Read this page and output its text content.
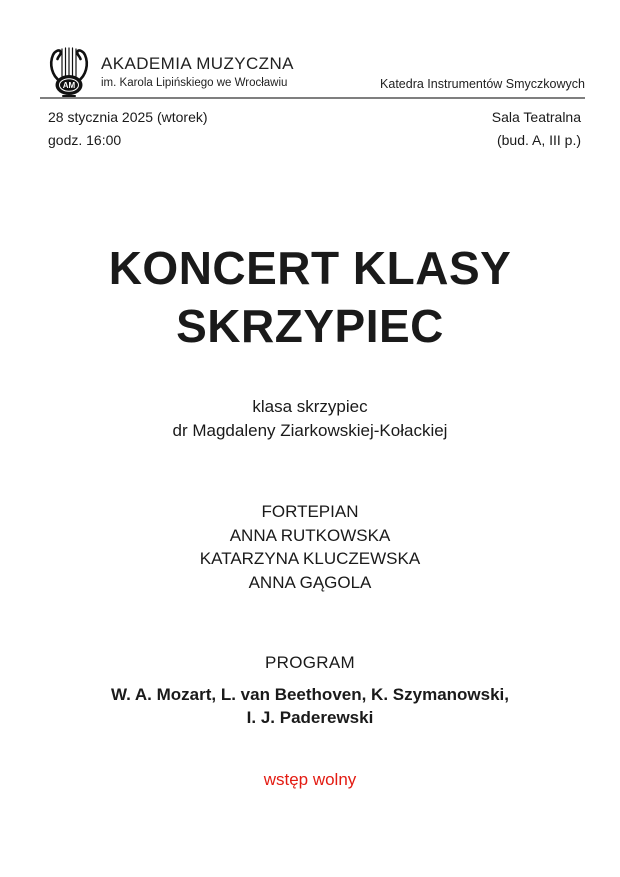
AM
AKADEMIA MUZYCZNA
im. Karola Lipińskiego we Wrocławiu	Katedra Instrumentów Smyczkowych
28 stycznia 2025 (wtorek)
godz. 16:00
Sala Teatralna
(bud. A, III p.)
KONCERT KLASY
SKRZYPIEC
klasa skrzypiec
dr Magdaleny Ziarkowskiej-Kołackiej
FORTEPIAN
ANNA RUTKOWSKA
KATARZYNA KLUCZEWSKA
ANNA GĄGOLA
PROGRAM
W. A. Mozart, L. van Beethoven, K. Szymanowski,
I. J. Paderewski
wstęp wolny
